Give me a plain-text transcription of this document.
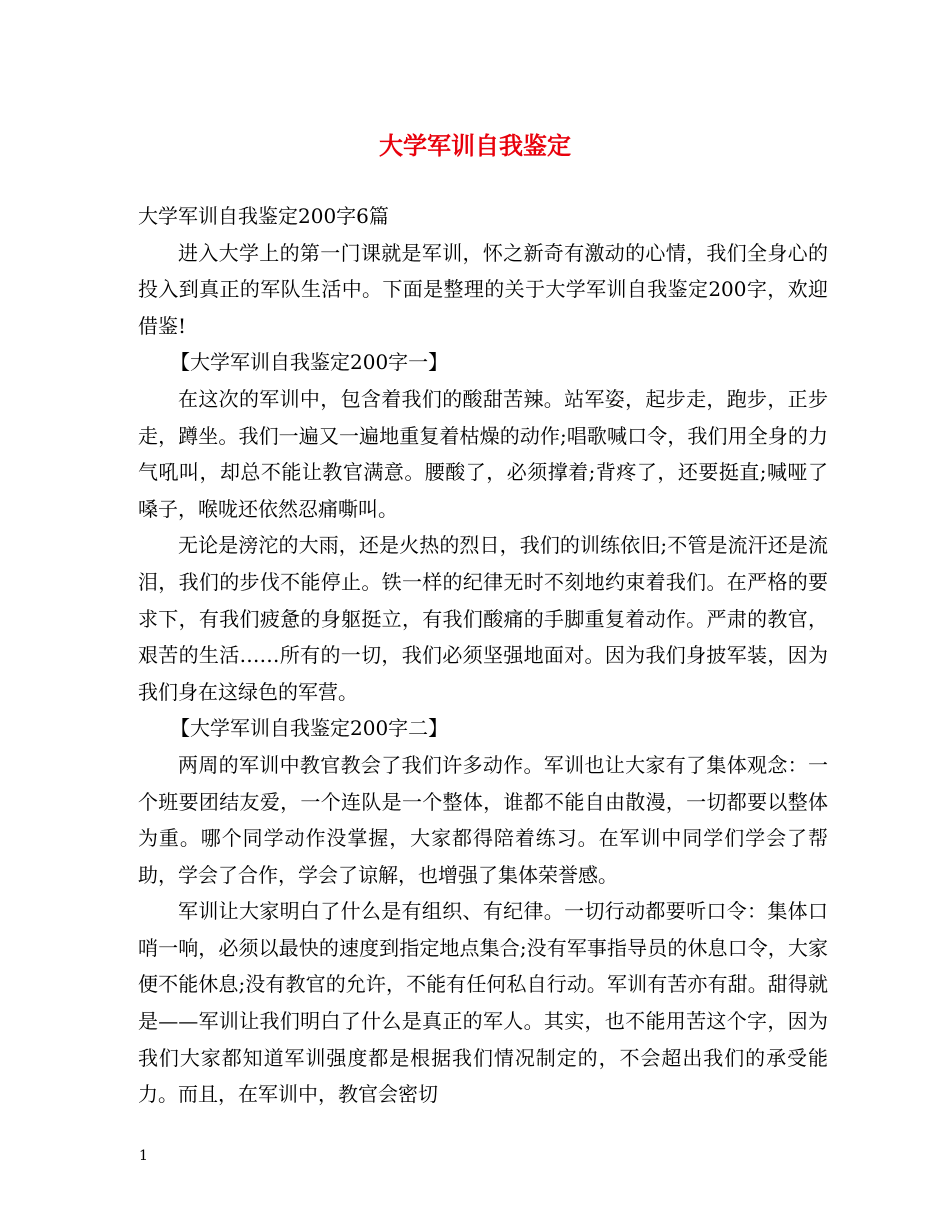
大学军训自我鉴定

大学军训自我鉴定200字6篇

进入大学上的第一门课就是军训，怀之新奇有激动的心情，我们全身心的投入到真正的军队生活中。下面是整理的关于大学军训自我鉴定200字，欢迎借鉴!

【大学军训自我鉴定200字一】

在这次的军训中，包含着我们的酸甜苦辣。站军姿，起步走，跑步，正步走，蹲坐。我们一遍又一遍地重复着枯燥的动作;唱歌喊口令，我们用全身的力气吼叫，却总不能让教官满意。腰酸了，必须撑着;背疼了，还要挺直;喊哑了嗓子，喉咙还依然忍痛嘶叫。

无论是滂沱的大雨，还是火热的烈日，我们的训练依旧;不管是流汗还是流泪，我们的步伐不能停止。铁一样的纪律无时不刻地约束着我们。在严格的要求下，有我们疲惫的身躯挺立，有我们酸痛的手脚重复着动作。严肃的教官，艰苦的生活……所有的一切，我们必须坚强地面对。因为我们身披军装，因为我们身在这绿色的军营。

【大学军训自我鉴定200字二】

两周的军训中教官教会了我们许多动作。军训也让大家有了集体观念：一个班要团结友爱，一个连队是一个整体，谁都不能自由散漫，一切都要以整体为重。哪个同学动作没掌握，大家都得陪着练习。在军训中同学们学会了帮助，学会了合作，学会了谅解，也增强了集体荣誉感。

军训让大家明白了什么是有组织、有纪律。一切行动都要听口令：集体口哨一响，必须以最快的速度到指定地点集合;没有军事指导员的休息口令，大家便不能休息;没有教官的允许，不能有任何私自行动。军训有苦亦有甜。甜得就是——军训让我们明白了什么是真正的军人。其实，也不能用苦这个字，因为我们大家都知道军训强度都是根据我们情况制定的，不会超出我们的承受能力。而且，在军训中，教官会密切

1
